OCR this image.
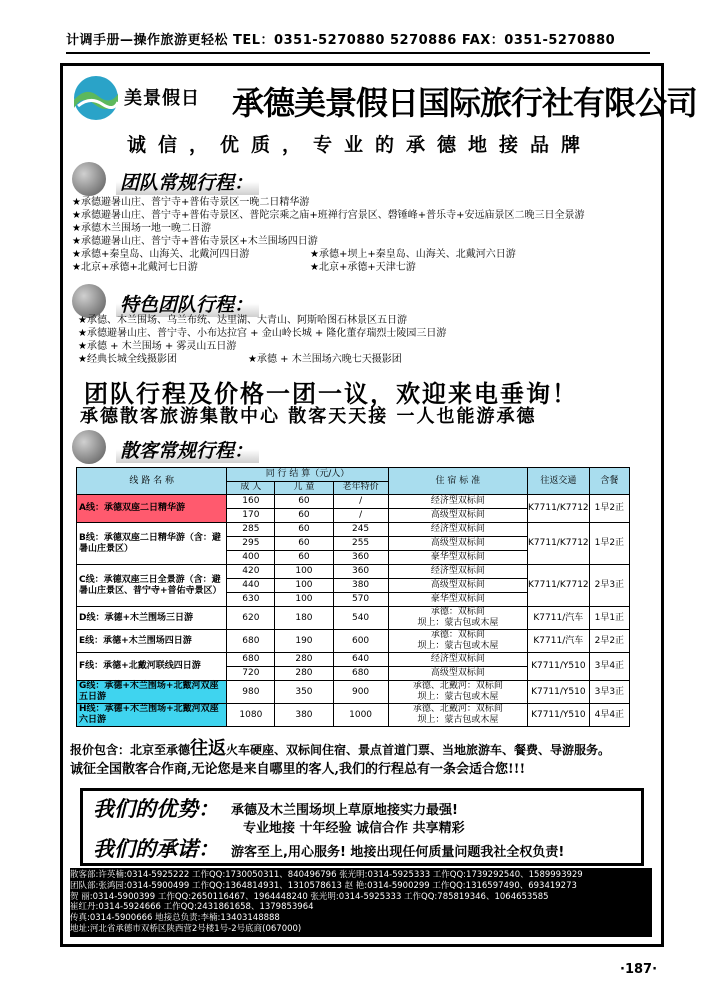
计调手册—操作旅游更轻松 TEL：0351-5270880 5270886 FAX：0351-5270880
美景假日 承德美景假日国际旅行社有限公司
诚信，优质，专业的承德地接品牌
团队常规行程：
★承德避暑山庄、普宁寺+普佑寺景区一晚二日精华游
★承德避暑山庄、普宁寺+普佑寺景区、普陀宗乘之庙+班禅行宫景区、磬锤峰+普乐寺+安远庙景区二晚三日全景游
★承德木兰围场一地一晚二日游
★承德避暑山庄、普宁寺+普佑寺景区+木兰围场四日游
★承德+秦皇岛、山海关、北戴河四日游	★承德+坝上+秦皇岛、山海关、北戴河六日游
★北京+承德+北戴河七日游	★北京+承德+天津七游
特色团队行程：
★承德、木兰围场、乌兰布统、达里湖、大青山、阿斯哈图石林景区五日游
★承德避暑山庄、普宁寺、小布达拉宫 + 金山岭长城 + 隆化董存瑞烈士陵园三日游
★承德 + 木兰围场 + 雾灵山五日游
★经典长城全线摄影团	★承德 + 木兰围场六晚七天摄影团
团队行程及价格一团一议，欢迎来电垂询！
承德散客旅游集散中心 散客天天接 一人也能游承德
散客常规行程：
线 路 名 称	同 行 结 算（元/人）			住 宿 标 准	往返交通	含餐
	成 人	儿 童	老年特价			
A线：承德双座二日精华游	160	60	/	经济型双标间	K7711/K7712	1早2正
	170	60	/	高级型双标间		
B线：承德双座二日精华游（含：避暑山庄景区）	285	60	245	经济型双标间	K7711/K7712	1早2正
	295	60	255	高级型双标间		
	400	60	360	豪华型双标间		
C线：承德双座三日全景游（含：避暑山庄景区、普宁寺+普佑寺景区）	420	100	360	经济型双标间	K7711/K7712	2早3正
	440	100	380	高级型双标间		
	630	100	570	豪华型双标间		
D线：承德+木兰围场三日游	620	180	540	承德：双标间
坝上：蒙古包或木屋	K7711/汽车	1早1正
E线：承德+木兰围场四日游	680	190	600	承德：双标间
坝上：蒙古包或木屋	K7711/汽车	2早2正
F线：承德+北戴河联线四日游	680	280	640	经济型双标间	K7711/Y510	3早4正
	720	280	680	高级型双标间		
G线：承德+木兰围场+北戴河双座五日游	980	350	900	承德、北戴河：双标间
坝上：蒙古包或木屋	K7711/Y510	3早3正
H线：承德+木兰围场+北戴河双座六日游	1080	380	1000	承德、北戴河：双标间
坝上：蒙古包或木屋	K7711/Y510	4早4正
报价包含：北京至承德往返火车硬座、双标间住宿、景点首道门票、当地旅游车、餐费、导游服务。
诚征全国散客合作商,无论您是来自哪里的客人,我们的行程总有一条会适合您!!!
我们的优势： 承德及木兰围场坝上草原地接实力最强!
专业地接 十年经验 诚信合作 共享精彩
我们的承诺： 游客至上,用心服务! 地接出现任何质量问题我社全权负责!
散客部:许英楠:0314-5925222 工作QQ:1730050311、840496796 张光明:0314-5925333 工作QQ:1739292540、1589993929
团队部:张鸿园:0314-5900499 工作QQ:1364814931、1310578613 赵 艳:0314-5900299 工作QQ:1316597490、693419273
贺 丽:0314-5900399 工作QQ:2650116467、1964448240 张光明:0314-5925333 工作QQ:785819346、1064653585
崔红丹:0314-5924666 工作QQ:2431861658、1379853964
传真:0314-5900666 地接总负责:李楠:13403148888
地址:河北省承德市双桥区陕西营2号楼1号-2号底商(067000)
·187·
